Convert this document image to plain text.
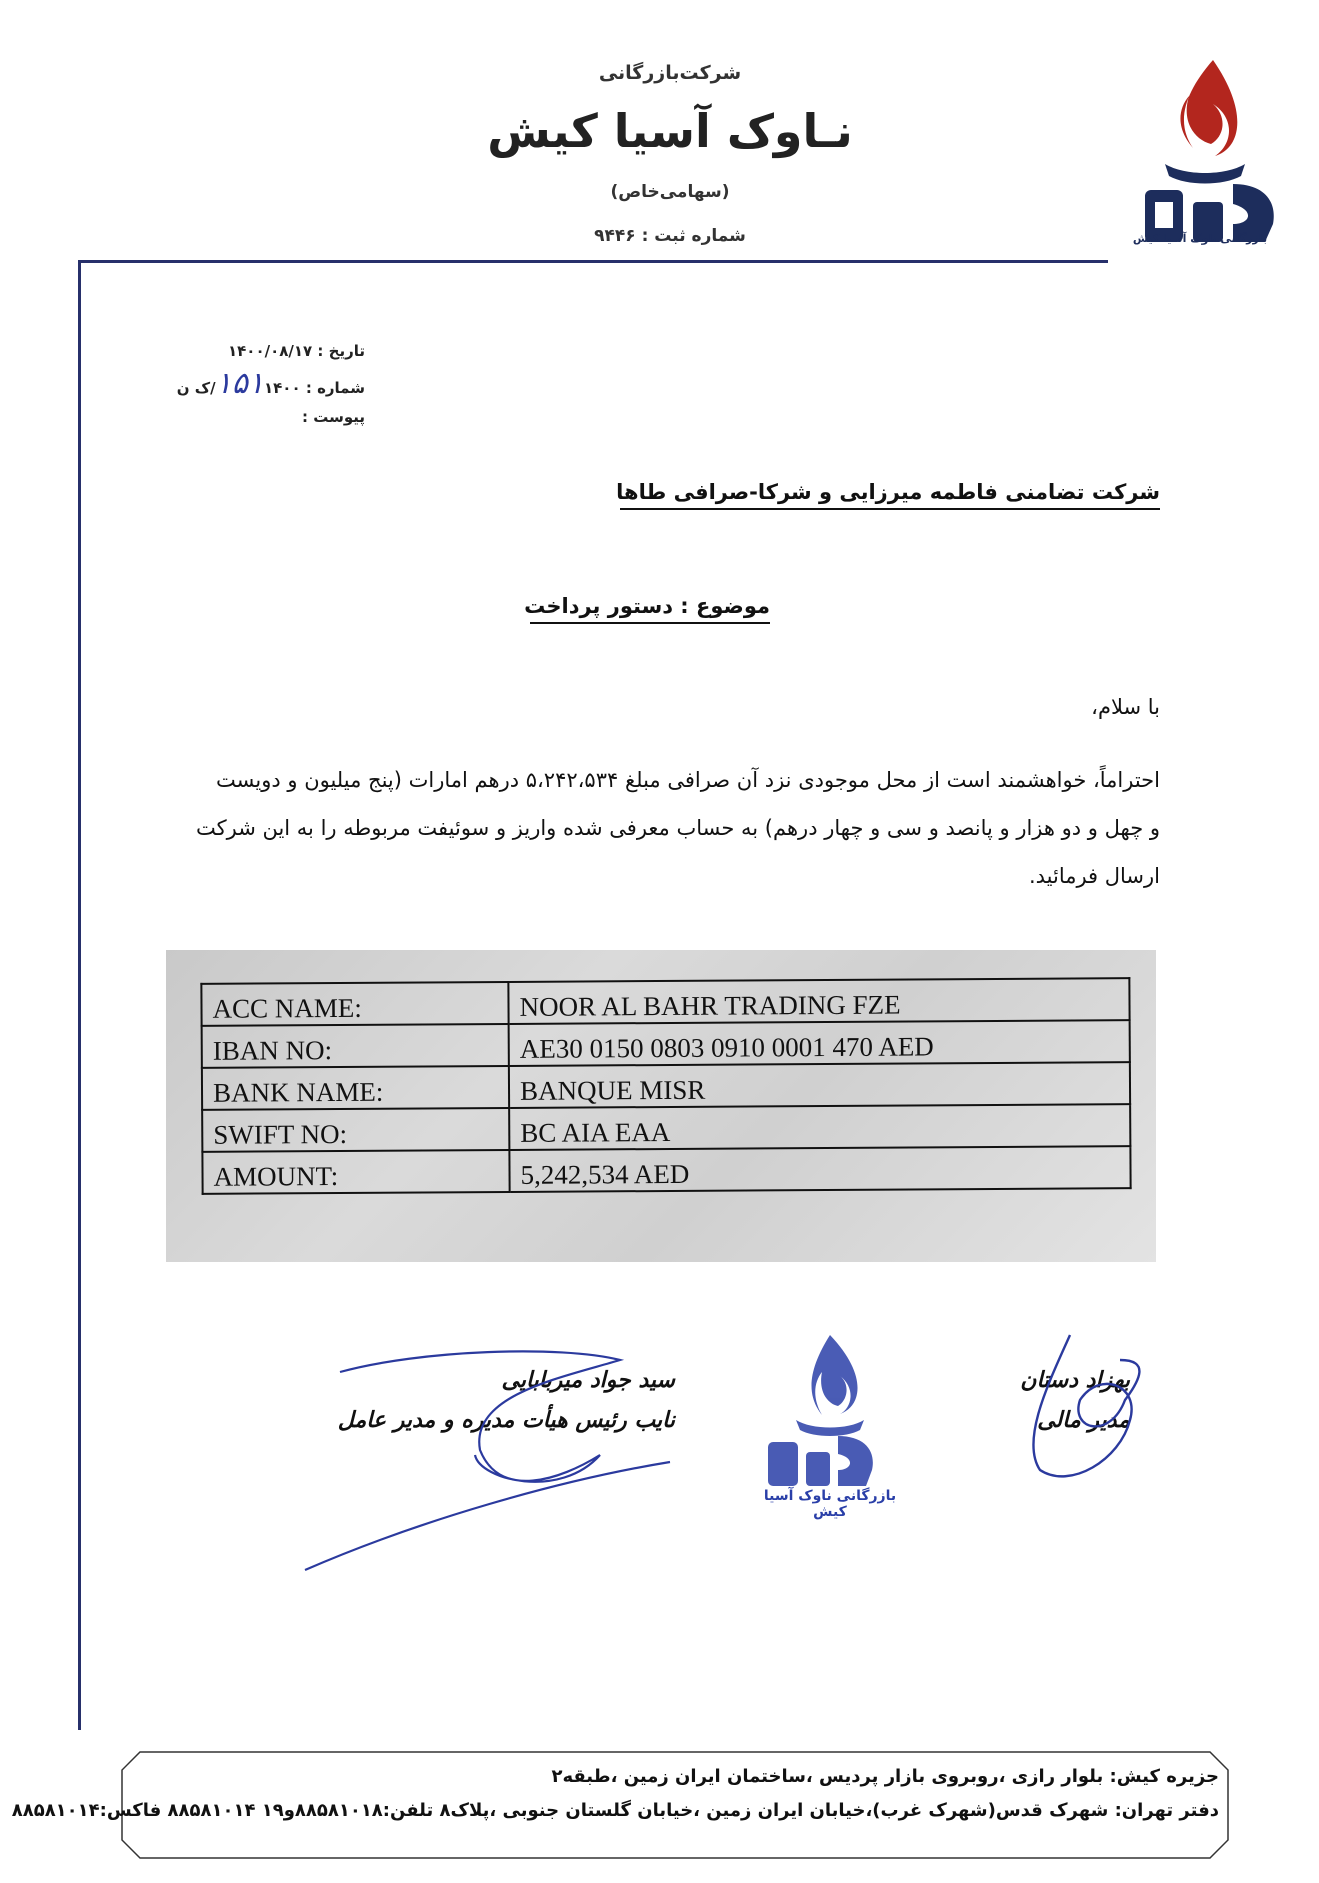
شرکت‌بازرگانی
نـاوک آسیا کیش
(سهامی‌خاص)
شماره ثبت : ۹۴۴۶	بازرگانی ناوک آسیا کیش
تاریخ : ۱۴۰۰/۰۸/۱۷
شماره : ۱۵۱۱۴۰۰/ک ن
پیوست :
شرکت تضامنی فاطمه میرزایی و شرکا-صرافی طاها
موضوع : دستور پرداخت
با سلام،
احتراماً، خواهشمند است از محل موجودی نزد آن صرافی مبلغ ۵،۲۴۲،۵۳۴ درهم امارات (پنج میلیون و دویست
و چهل و دو هزار و پانصد و سی و چهار درهم) به حساب معرفی شده واریز و سوئیفت مربوطه را به این شرکت
ارسال فرمائید.
ACC NAME:	NOOR AL BAHR TRADING FZE
IBAN NO:	AE30 0150 0803 0910 0001 470 AED
BANK NAME:	BANQUE MISR
SWIFT NO:	BC AIA EAA
AMOUNT:	5,242,534 AED
سید جواد میربابایی
نایب رئیس هیأت مدیره و مدیر عامل
بهزاد دستان
مدیر مالی
بازرگانی ناوک آسیا کیش
جزیره کیش: بلوار رازی ،روبروی بازار پردیس ،ساختمان ایران زمین ،طبقه۲
دفتر تهران: شهرک قدس(شهرک غرب)،خیابان ایران زمین ،خیابان گلستان جنوبی ،پلاک۸ تلفن:۸۸۵۸۱۰۱۸و۱۹ ۸۸۵۸۱۰۱۴ فاکس:۸۸۵۸۱۰۱۴
